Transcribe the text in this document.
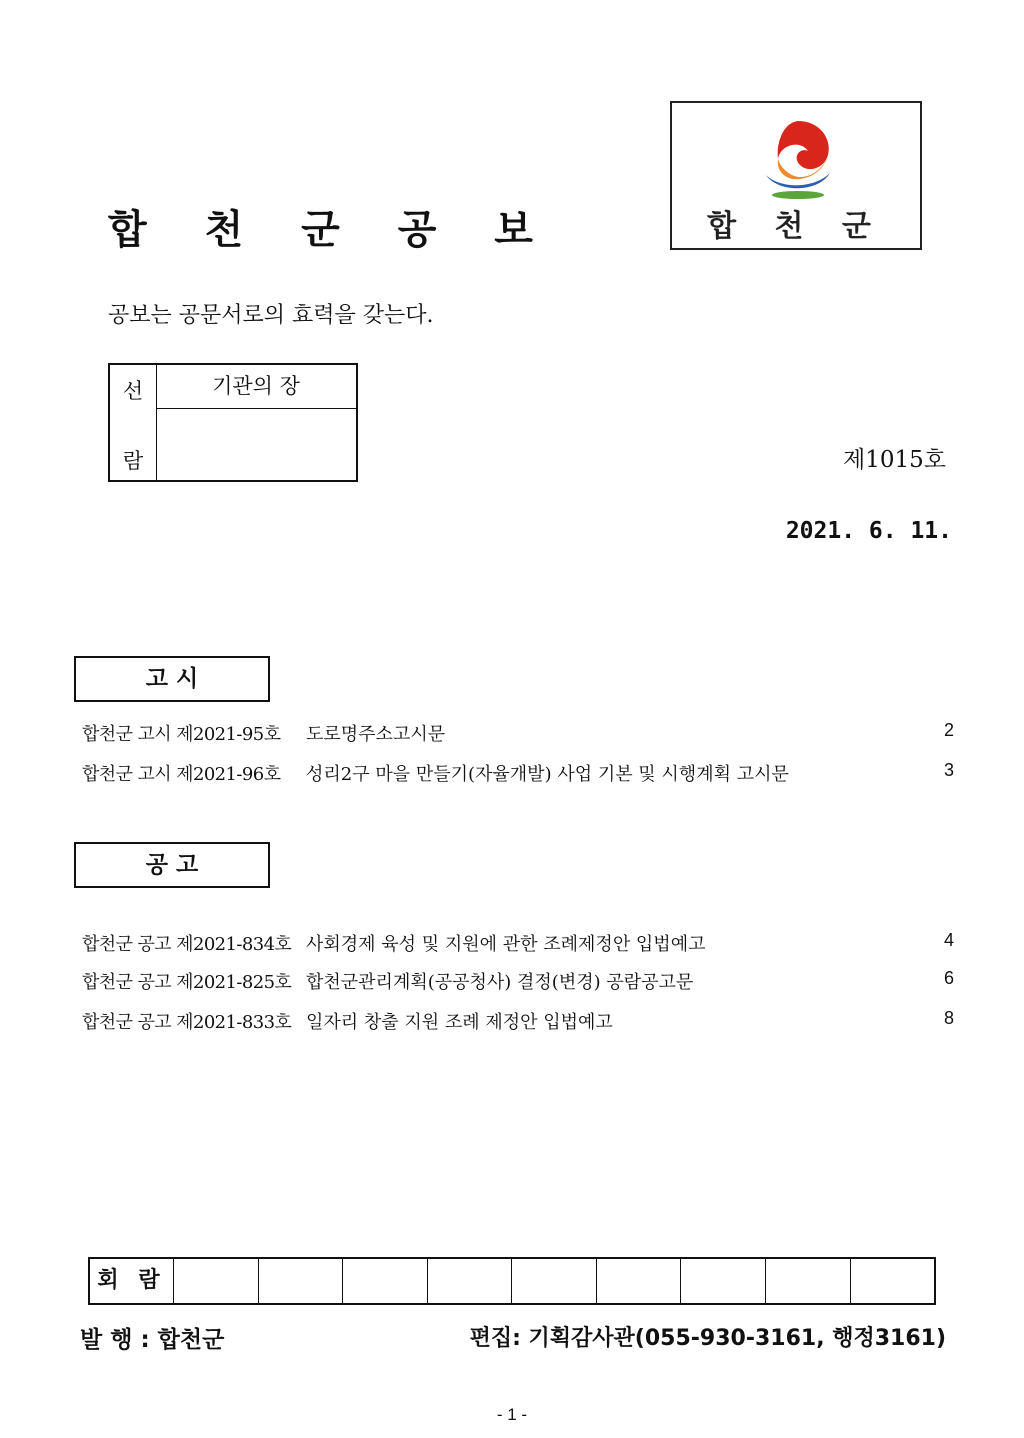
합 천 군 공 보	합 천 군
공보는 공문서로의 효력을 갖는다.
선
람
기관의 장
제1015호
2021. 6. 11.
고 시
합천군 고시 제2021-95호 도로명주소고시문	2
합천군 고시 제2021-96호 성리2구 마을 만들기(자율개발) 사업 기본 및 시행계획 고시문	3
공 고
합천군 공고 제2021-834호 사회경제 육성 및 지원에 관한 조례제정안 입법예고	4
합천군 공고 제2021-825호 합천군관리계획(공공청사) 결정(변경) 공람공고문	6
합천군 공고 제2021-833호 일자리 창출 지원 조례 제정안 입법예고	8
회 람
발 행 : 합천군	편집: 기획감사관(055-930-3161, 행정3161)
- 1 -
